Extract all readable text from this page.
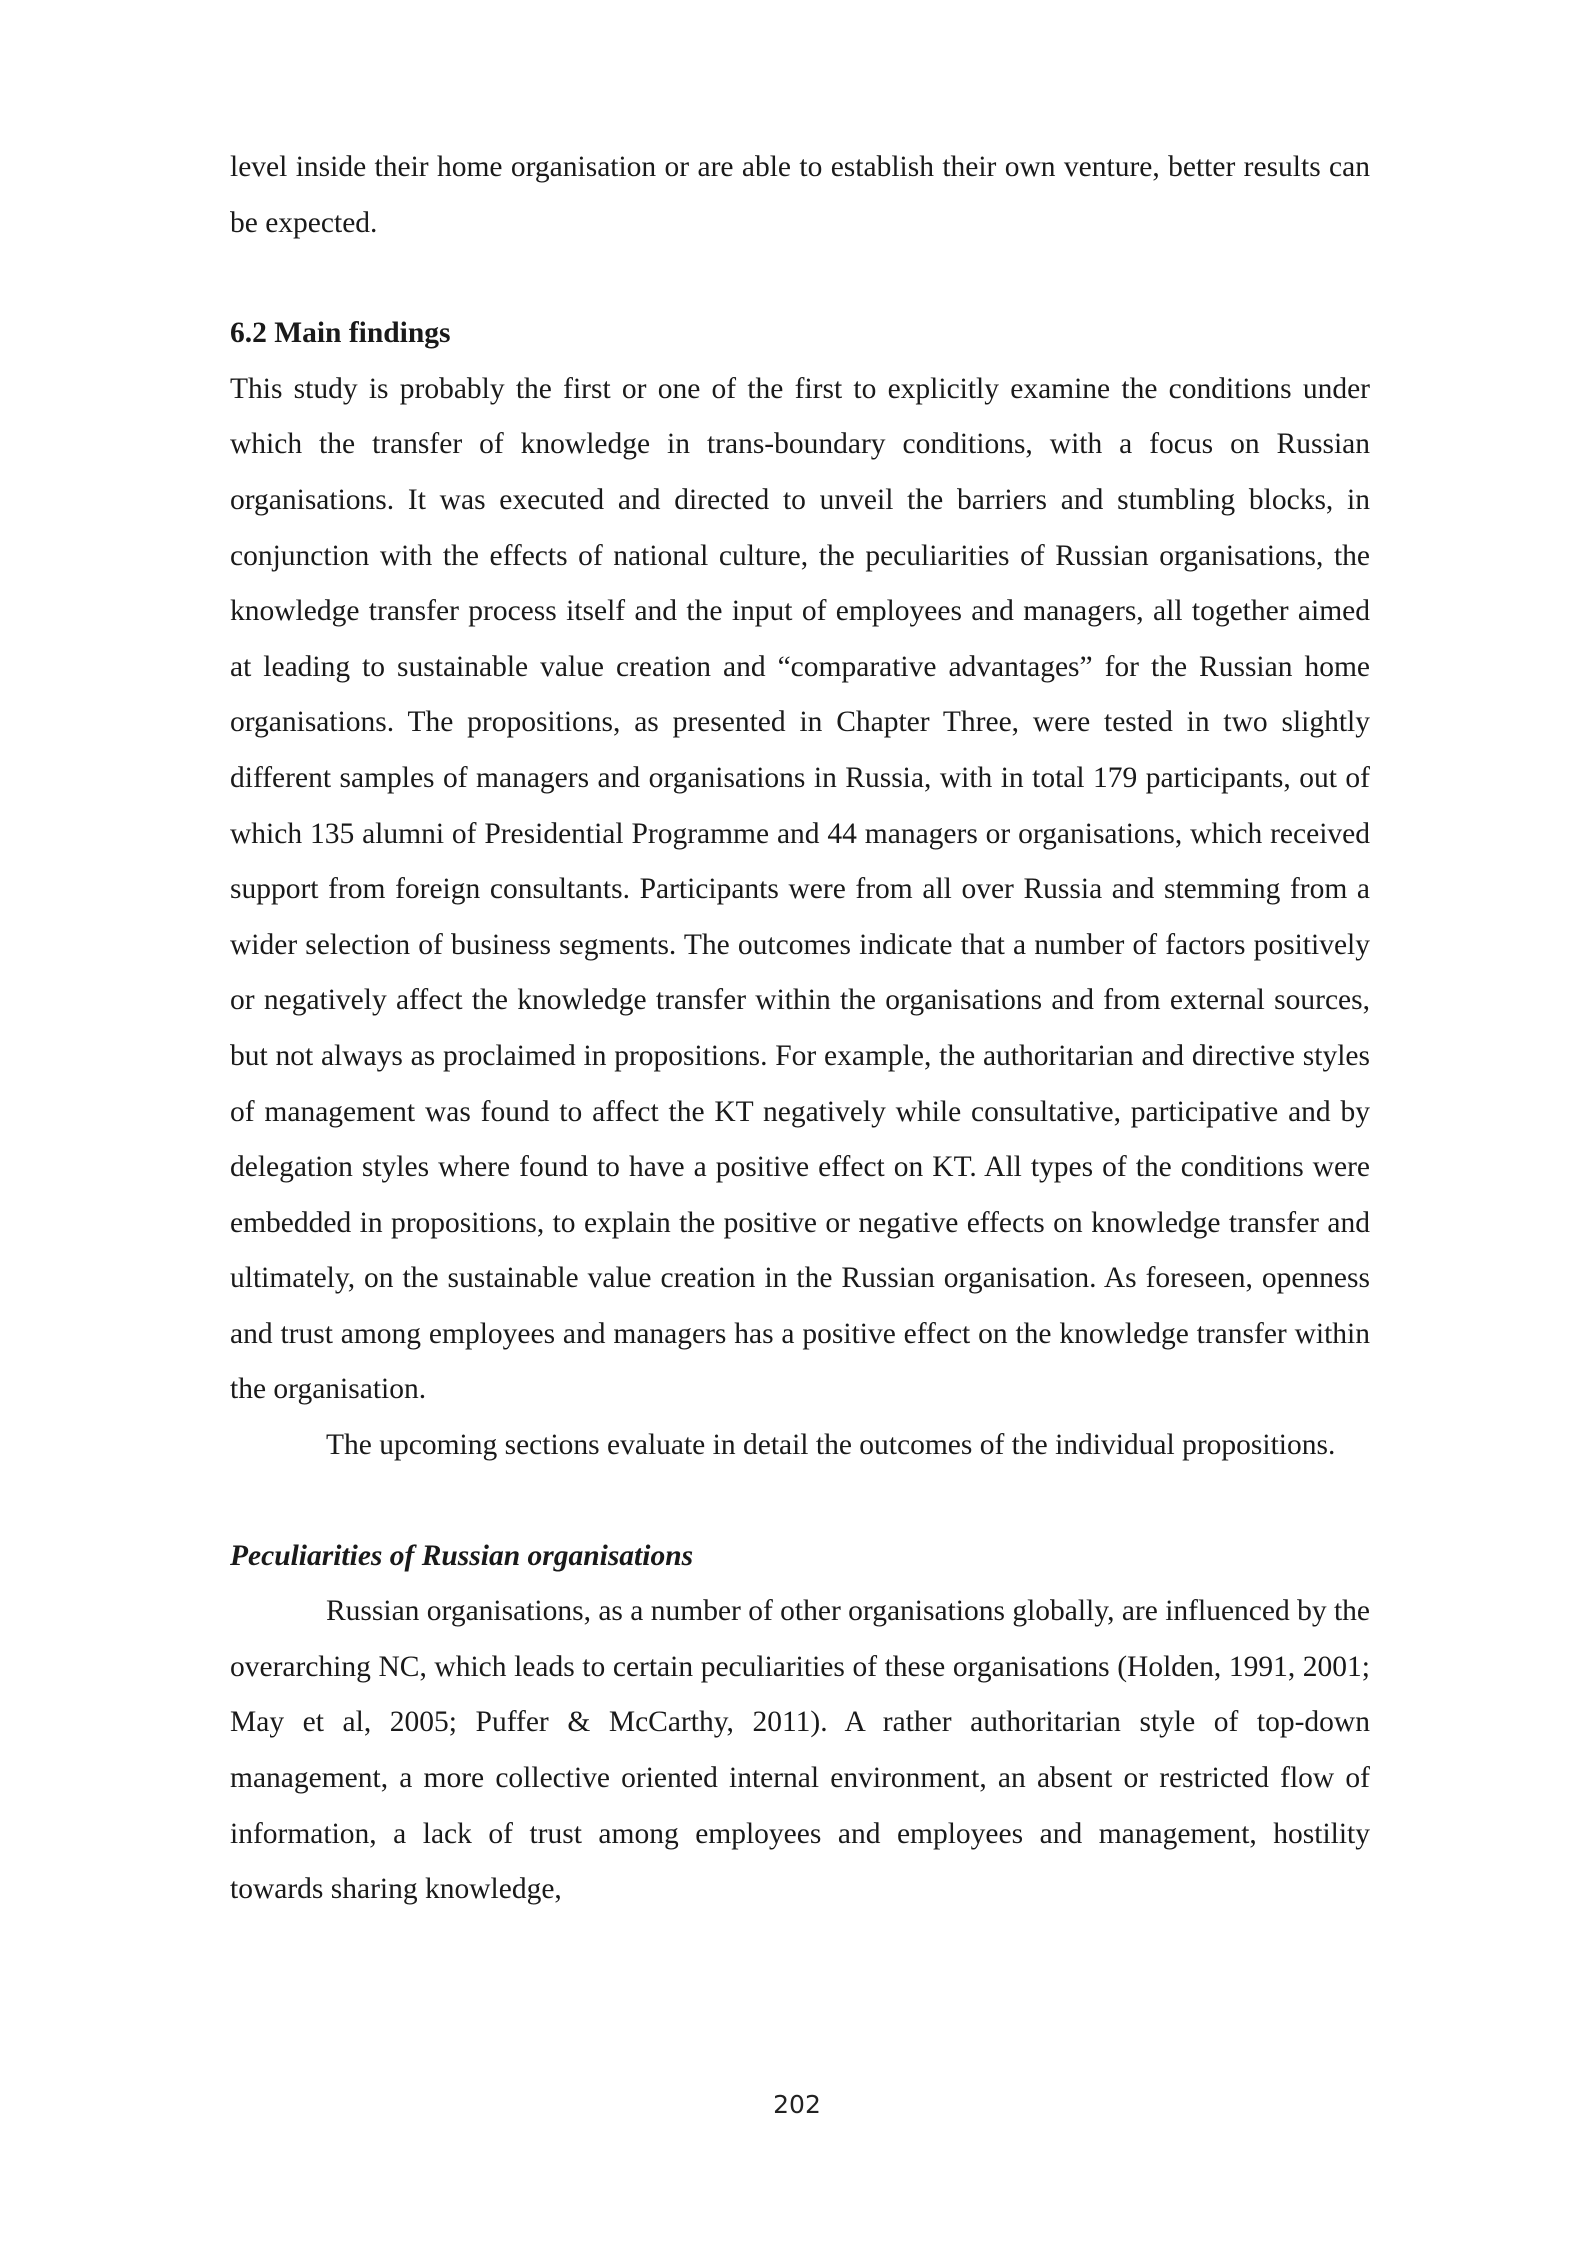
level inside their home organisation or are able to establish their own venture, better results can be expected.

6.2 Main findings

This study is probably the first or one of the first to explicitly examine the conditions under which the transfer of knowledge in trans-boundary conditions, with a focus on Russian organisations. It was executed and directed to unveil the barriers and stumbling blocks, in conjunction with the effects of national culture, the peculiarities of Russian organisations, the knowledge transfer process itself and the input of employees and managers, all together aimed at leading to sustainable value creation and “comparative advantages” for the Russian home organisations. The propositions, as presented in Chapter Three, were tested in two slightly different samples of managers and organisations in Russia, with in total 179 participants, out of which 135 alumni of Presidential Programme and 44 managers or organisations, which received support from foreign consultants. Participants were from all over Russia and stemming from a wider selection of business segments. The outcomes indicate that a number of factors positively or negatively affect the knowledge transfer within the organisations and from external sources, but not always as proclaimed in propositions. For example, the authoritarian and directive styles of management was found to affect the KT negatively while consultative, participative and by delegation styles where found to have a positive effect on KT. All types of the conditions were embedded in propositions, to explain the positive or negative effects on knowledge transfer and ultimately, on the sustainable value creation in the Russian organisation. As foreseen, openness and trust among employees and managers has a positive effect on the knowledge transfer within the organisation.

The upcoming sections evaluate in detail the outcomes of the individual propositions.

Peculiarities of Russian organisations

Russian organisations, as a number of other organisations globally, are influenced by the overarching NC, which leads to certain peculiarities of these organisations (Holden, 1991, 2001; May et al, 2005; Puffer & McCarthy, 2011). A rather authoritarian style of top-down management, a more collective oriented internal environment, an absent or restricted flow of information, a lack of trust among employees and employees and management, hostility towards sharing knowledge,

202
